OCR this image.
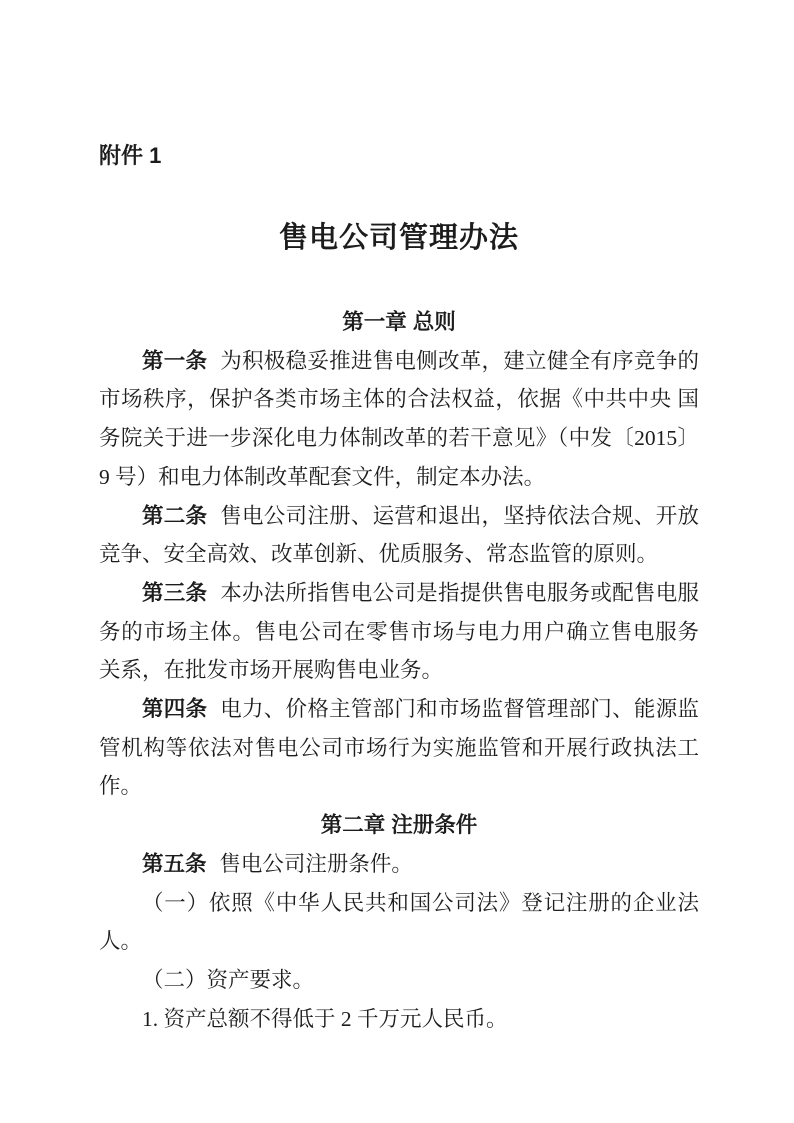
附件 1
售电公司管理办法
第一章 总则

第一条 为积极稳妥推进售电侧改革，建立健全有序竞争的市场秩序，保护各类市场主体的合法权益，依据《中共中央 国务院关于进一步深化电力体制改革的若干意见》（中发〔2015〕9 号）和电力体制改革配套文件，制定本办法。

第二条 售电公司注册、运营和退出，坚持依法合规、开放竞争、安全高效、改革创新、优质服务、常态监管的原则。

第三条 本办法所指售电公司是指提供售电服务或配售电服务的市场主体。售电公司在零售市场与电力用户确立售电服务关系，在批发市场开展购售电业务。

第四条 电力、价格主管部门和市场监督管理部门、能源监管机构等依法对售电公司市场行为实施监管和开展行政执法工作。

第二章 注册条件

第五条 售电公司注册条件。

（一）依照《中华人民共和国公司法》登记注册的企业法人。

（二）资产要求。

1. 资产总额不得低于 2 千万元人民币。
